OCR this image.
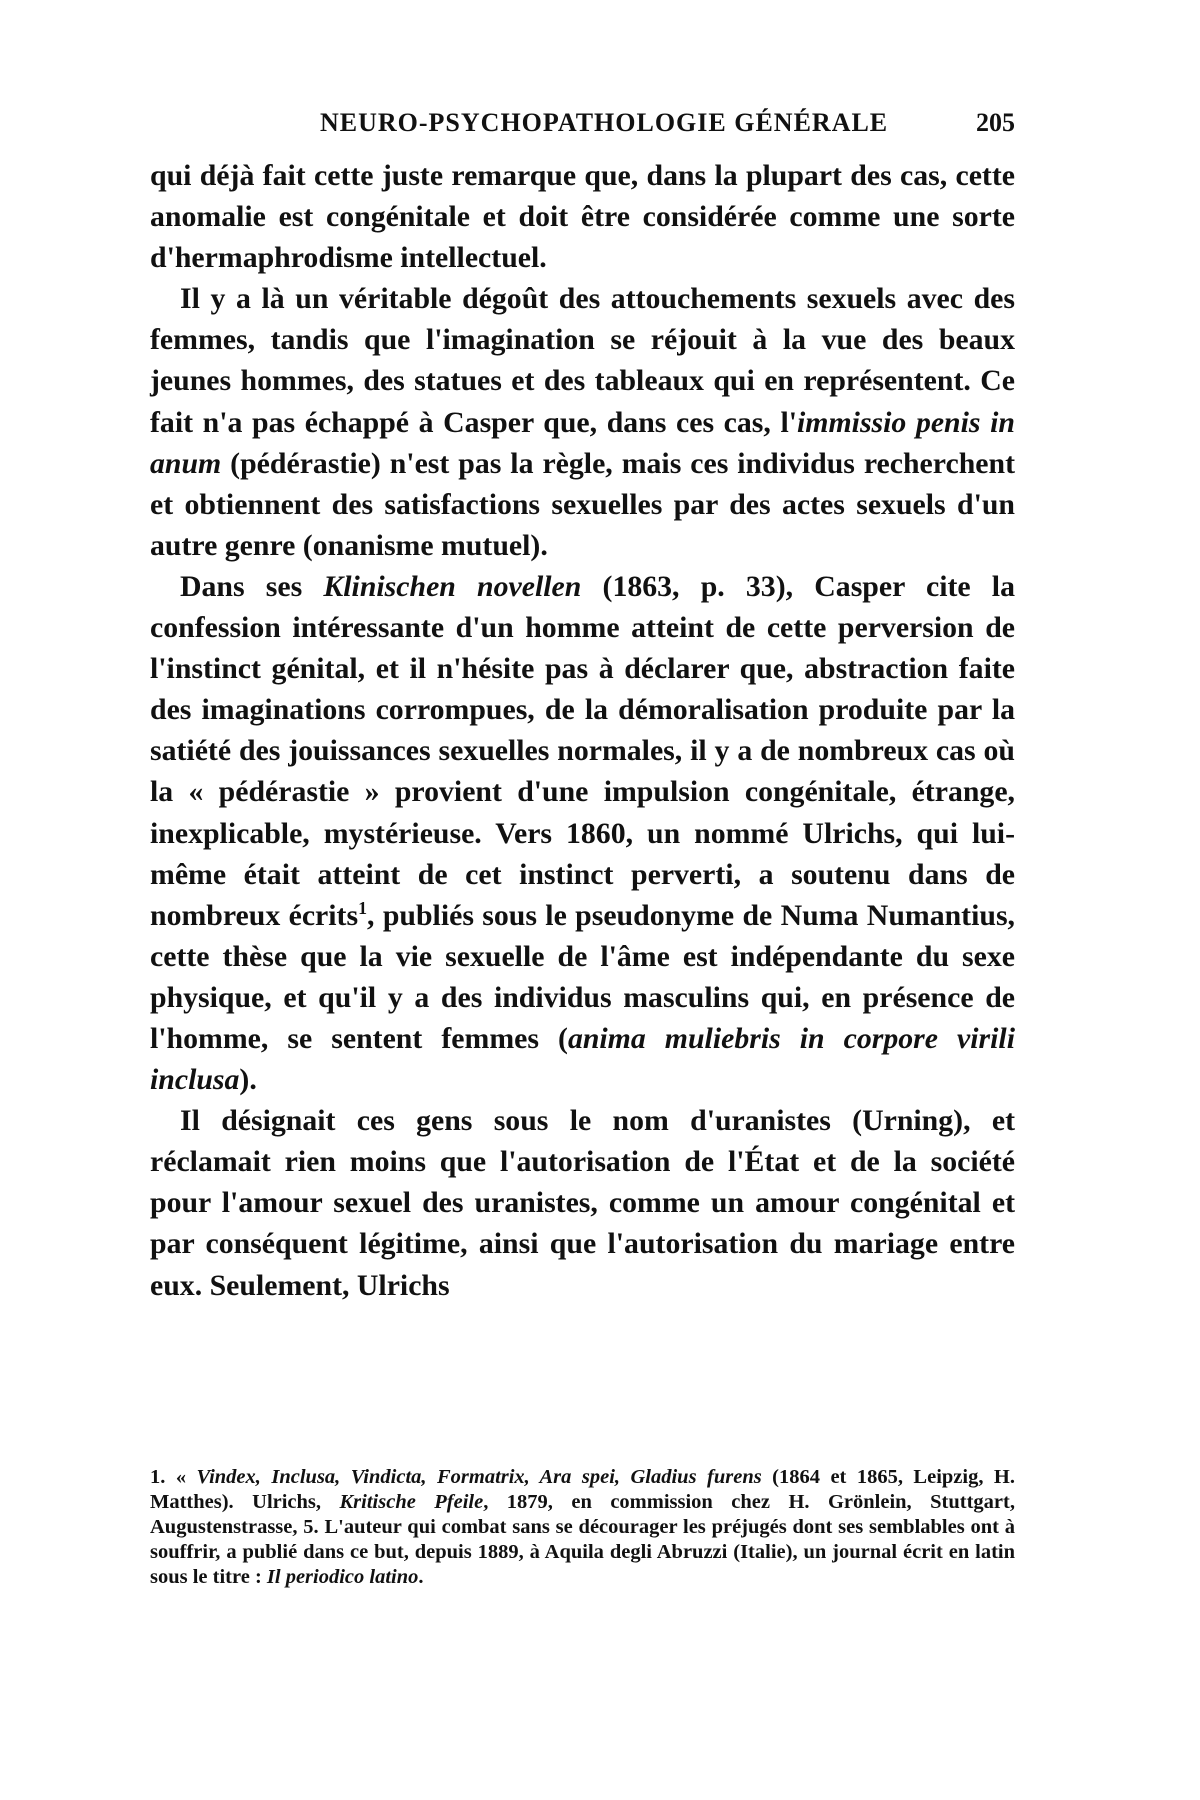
NEURO-PSYCHOPATHOLOGIE GÉNÉRALE	205

qui déjà fait cette juste remarque que, dans la plupart des cas, cette anomalie est congénitale et doit être considérée comme une sorte d'hermaphrodisme intellectuel.

Il y a là un véritable dégoût des attouchements sexuels avec des femmes, tandis que l'imagination se réjouit à la vue des beaux jeunes hommes, des statues et des tableaux qui en représentent. Ce fait n'a pas échappé à Casper que, dans ces cas, l'immissio penis in anum (pédérastie) n'est pas la règle, mais ces individus recherchent et obtiennent des satisfactions sexuelles par des actes sexuels d'un autre genre (onanisme mutuel).

Dans ses Klinischen novellen (1863, p. 33), Casper cite la confession intéressante d'un homme atteint de cette perversion de l'instinct génital, et il n'hésite pas à déclarer que, abstraction faite des imaginations corrompues, de la démoralisation produite par la satiété des jouissances sexuelles normales, il y a de nombreux cas où la « pédérastie » provient d'une impulsion congénitale, étrange, inexplicable, mystérieuse. Vers 1860, un nommé Ulrichs, qui lui-même était atteint de cet instinct perverti, a soutenu dans de nombreux écrits$^1$, publiés sous le pseudonyme de Numa Numantius, cette thèse que la vie sexuelle de l'âme est indépendante du sexe physique, et qu'il y a des individus masculins qui, en présence de l'homme, se sentent femmes (anima muliebris in corpore virili inclusa).

Il désignait ces gens sous le nom d'uranistes (Urning), et réclamait rien moins que l'autorisation de l'État et de la société pour l'amour sexuel des uranistes, comme un amour congénital et par conséquent légitime, ainsi que l'autorisation du mariage entre eux. Seulement, Ulrichs

1. « Vindex, Inclusa, Vindicta, Formatrix, Ara spei, Gladius furens (1864 et 1865, Leipzig, H. Matthes). Ulrichs, Kritische Pfeile, 1879, en commission chez H. Grönlein, Stuttgart, Augustenstrasse, 5. L'auteur qui combat sans se décourager les préjugés dont ses semblables ont à souffrir, a publié dans ce but, depuis 1889, à Aquila degli Abruzzi (Italie), un journal écrit en latin sous le titre : Il periodico latino.
